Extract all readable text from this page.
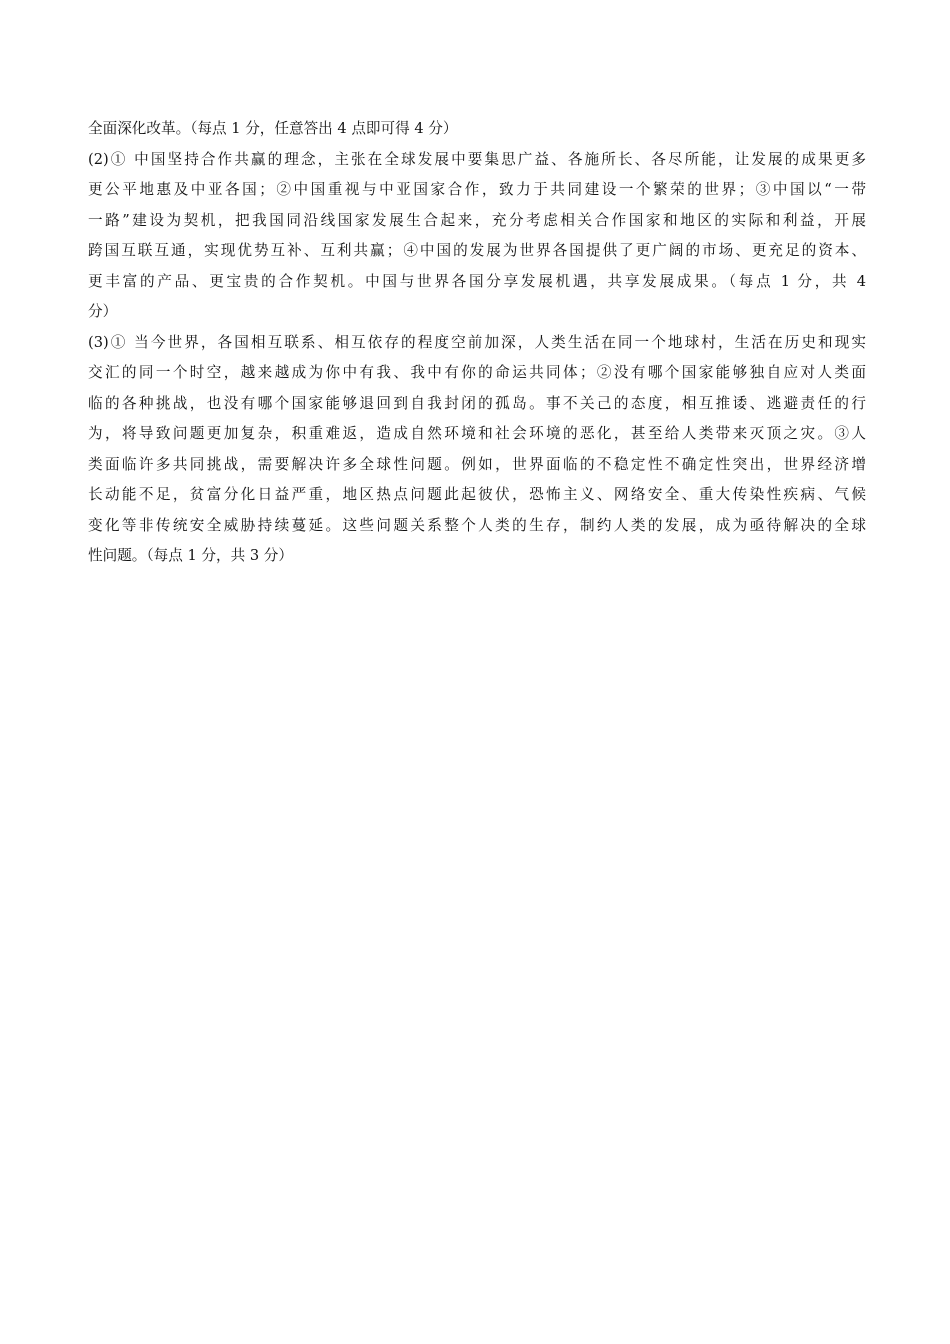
全面深化改革。（每点 1 分，任意答出 4 点即可得 4 分）
(2)① 中国坚持合作共赢的理念，主张在全球发展中要集思广益、各施所长、各尽所能，让发展的成果更多
更公平地惠及中亚各国；②中国重视与中亚国家合作，致力于共同建设一个繁荣的世界；③中国以“一带
一路”建设为契机，把我国同沿线国家发展生合起来，充分考虑相关合作国家和地区的实际和利益，开展
跨国互联互通，实现优势互补、互利共赢；④中国的发展为世界各国提供了更广阔的市场、更充足的资本、
更丰富的产品、更宝贵的合作契机。中国与世界各国分享发展机遇，共享发展成果。（每点 1 分，共 4
分）
(3)① 当今世界，各国相互联系、相互依存的程度空前加深，人类生活在同一个地球村，生活在历史和现实
交汇的同一个时空，越来越成为你中有我、我中有你的命运共同体；②没有哪个国家能够独自应对人类面
临的各种挑战，也没有哪个国家能够退回到自我封闭的孤岛。事不关己的态度，相互推诿、逃避责任的行
为，将导致问题更加复杂，积重难返，造成自然环境和社会环境的恶化，甚至给人类带来灭顶之灾。③人
类面临许多共同挑战，需要解决许多全球性问题。例如，世界面临的不稳定性不确定性突出，世界经济增
长动能不足，贫富分化日益严重，地区热点问题此起彼伏，恐怖主义、网络安全、重大传染性疾病、气候
变化等非传统安全威胁持续蔓延。这些问题关系整个人类的生存，制约人类的发展，成为亟待解决的全球
性问题。（每点 1 分，共 3 分）
